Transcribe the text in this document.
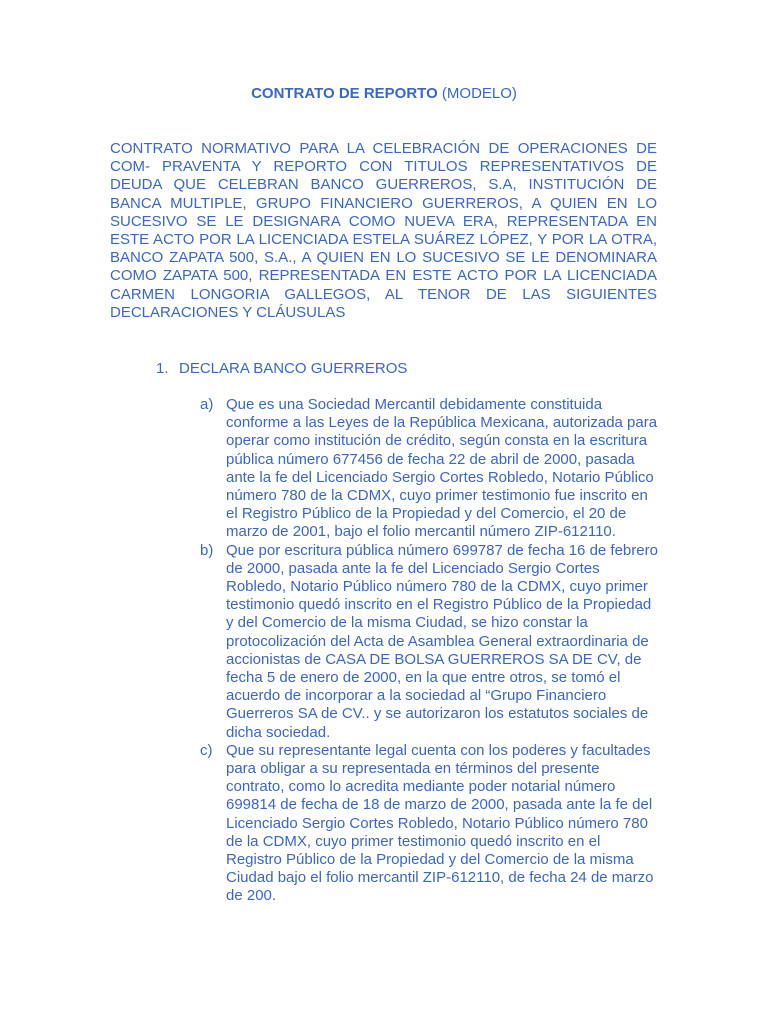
CONTRATO DE REPORTO (MODELO)

CONTRATO NORMATIVO PARA LA CELEBRACIÓN DE OPERACIONES DE COM- PRAVENTA Y REPORTO CON TITULOS REPRESENTATIVOS DE DEUDA QUE CELEBRAN BANCO GUERREROS, S.A, INSTITUCIÓN DE BANCA MULTIPLE, GRUPO FINANCIERO GUERREROS, A QUIEN EN LO SUCESIVO SE LE DESIGNARA COMO NUEVA ERA, REPRESENTADA EN ESTE ACTO POR LA LICENCIADA ESTELA SUÁREZ LÓPEZ, Y POR LA OTRA, BANCO ZAPATA 500, S.A., A QUIEN EN LO SUCESIVO SE LE DENOMINARA COMO ZAPATA 500, REPRESENTADA EN ESTE ACTO POR LA LICENCIADA CARMEN LONGORIA GALLEGOS, AL TENOR DE LAS SIGUIENTES DECLARACIONES Y CLÁUSULAS

1. DECLARA BANCO GUERREROS

a) Que es una Sociedad Mercantil debidamente constituida conforme a las Leyes de la República Mexicana, autorizada para operar como institución de crédito, según consta en la escritura pública número 677456 de fecha 22 de abril de 2000, pasada ante la fe del Licenciado Sergio Cortes Robledo, Notario Público número 780 de la CDMX, cuyo primer testimonio fue inscrito en el Registro Público de la Propiedad y del Comercio, el 20 de marzo de 2001, bajo el folio mercantil número ZIP-612110.
b) Que por escritura pública número 699787 de fecha 16 de febrero de 2000, pasada ante la fe del Licenciado Sergio Cortes Robledo, Notario Público número 780 de la CDMX, cuyo primer testimonio quedó inscrito en el Registro Público de la Propiedad y del Comercio de la misma Ciudad, se hizo constar la protocolización del Acta de Asamblea General extraordinaria de accionistas de CASA DE BOLSA GUERREROS SA DE CV, de fecha 5 de enero de 2000, en la que entre otros, se tomó el acuerdo de incorporar a la sociedad al “Grupo Financiero Guerreros SA de CV.. y se autorizaron los estatutos sociales de dicha sociedad.
c) Que su representante legal cuenta con los poderes y facultades para obligar a su representada en términos del presente contrato, como lo acredita mediante poder notarial número 699814 de fecha de 18 de marzo de 2000, pasada ante la fe del Licenciado Sergio Cortes Robledo, Notario Público número 780 de la CDMX, cuyo primer testimonio quedó inscrito en el Registro Público de la Propiedad y del Comercio de la misma Ciudad bajo el folio mercantil ZIP-612110, de fecha 24 de marzo de 200.
